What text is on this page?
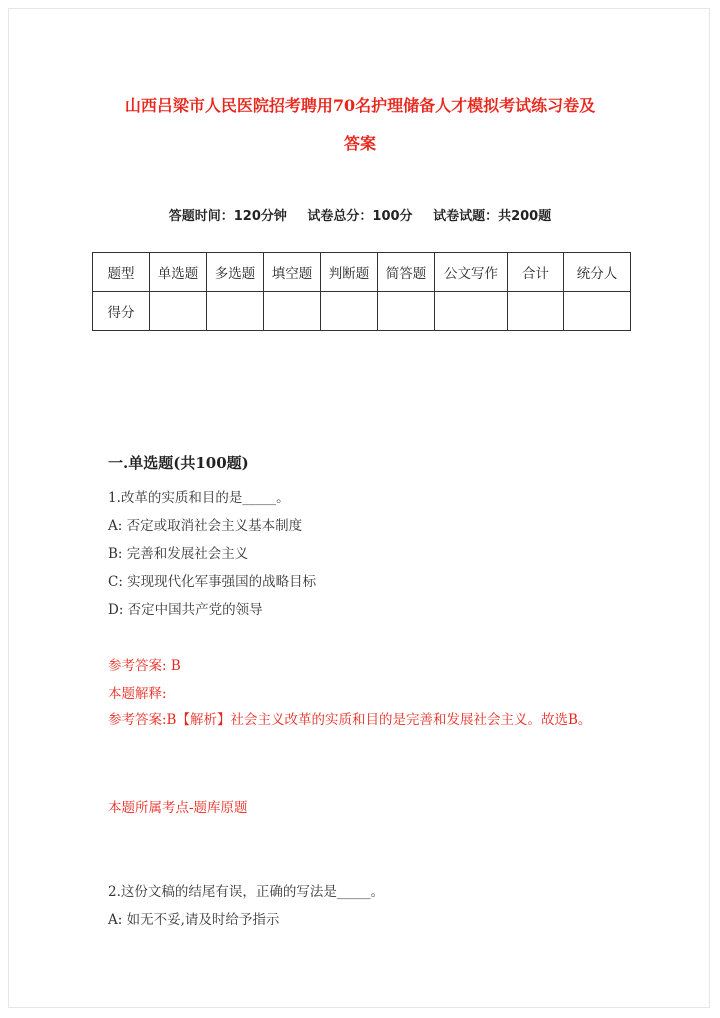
山西吕梁市人民医院招考聘用70名护理储备人才模拟考试练习卷及
答案
答题时间：120分钟 试卷总分：100分 试卷试题：共200题
题型	单选题	多选题	填空题	判断题	简答题	公文写作	合计	统分人
得分								
一.单选题(共100题)
1.改革的实质和目的是_____。
A: 否定或取消社会主义基本制度
B: 完善和发展社会主义
C: 实现现代化军事强国的战略目标
D: 否定中国共产党的领导
参考答案: B
本题解释:
参考答案:B【解析】社会主义改革的实质和目的是完善和发展社会主义。故选B。
本题所属考点-题库原题
2.这份文稿的结尾有误，正确的写法是_____。
A: 如无不妥,请及时给予指示
